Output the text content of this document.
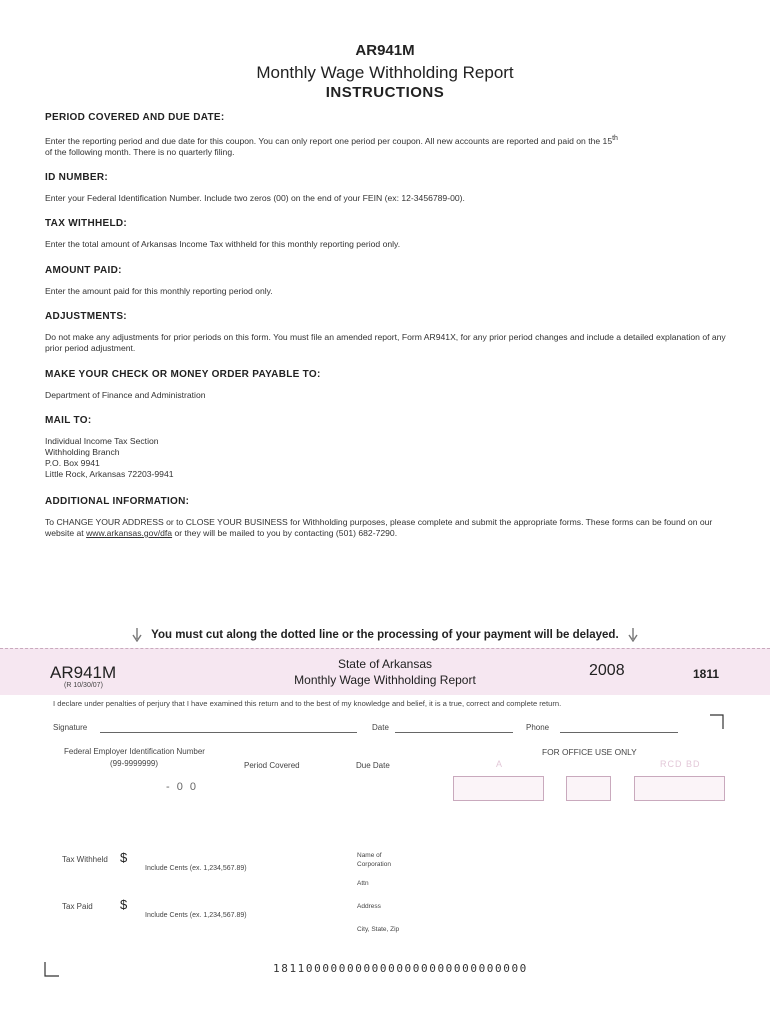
AR941M
Monthly Wage Withholding Report
INSTRUCTIONS
PERIOD COVERED AND DUE DATE:

Enter the reporting period and due date for this coupon. You can only report one period per coupon. All new accounts are reported and paid on the 15th
of the following month. There is no quarterly filing.

ID NUMBER:

Enter your Federal Identification Number. Include two zeros (00) on the end of your FEIN (ex: 12-3456789-00).

TAX WITHHELD:

Enter the total amount of Arkansas Income Tax withheld for this monthly reporting period only.

AMOUNT PAID:

Enter the amount paid for this monthly reporting period only.

ADJUSTMENTS:

Do not make any adjustments for prior periods on this form. You must file an amended report, Form AR941X, for any prior period changes and include a detailed explanation of any prior period adjustment.

MAKE YOUR CHECK OR MONEY ORDER PAYABLE TO:

Department of Finance and Administration

MAIL TO:

Individual Income Tax Section
Withholding Branch
P.O. Box 9941
Little Rock, Arkansas 72203-9941

ADDITIONAL INFORMATION:

To CHANGE YOUR ADDRESS or to CLOSE YOUR BUSINESS for Withholding purposes, please complete and submit the appropriate forms. These forms can be found on our website at www.arkansas.gov/dfa or they will be mailed to you by contacting (501) 682-7290.

You must cut along the dotted line or the processing of your payment will be delayed.
AR941M
(R 10/30/07)
State of Arkansas
Monthly Wage Withholding Report
2008	1811
I declare under penalties of perjury that I have examined this return and to the best of my knowledge and belief, it is a true, correct and complete return.
Signature	Date	Phone
Federal Employer Identification Number
(99-9999999)	Period Covered	Due Date
FOR OFFICE USE ONLY
A	RCD BD
- 0 0
Tax Withheld $
Include Cents (ex. 1,234,567.89)
Tax Paid $
Include Cents (ex. 1,234,567.89)
Name of
Corporation
Attn
Address
City, State, Zip
1811000000000000000000000000000
